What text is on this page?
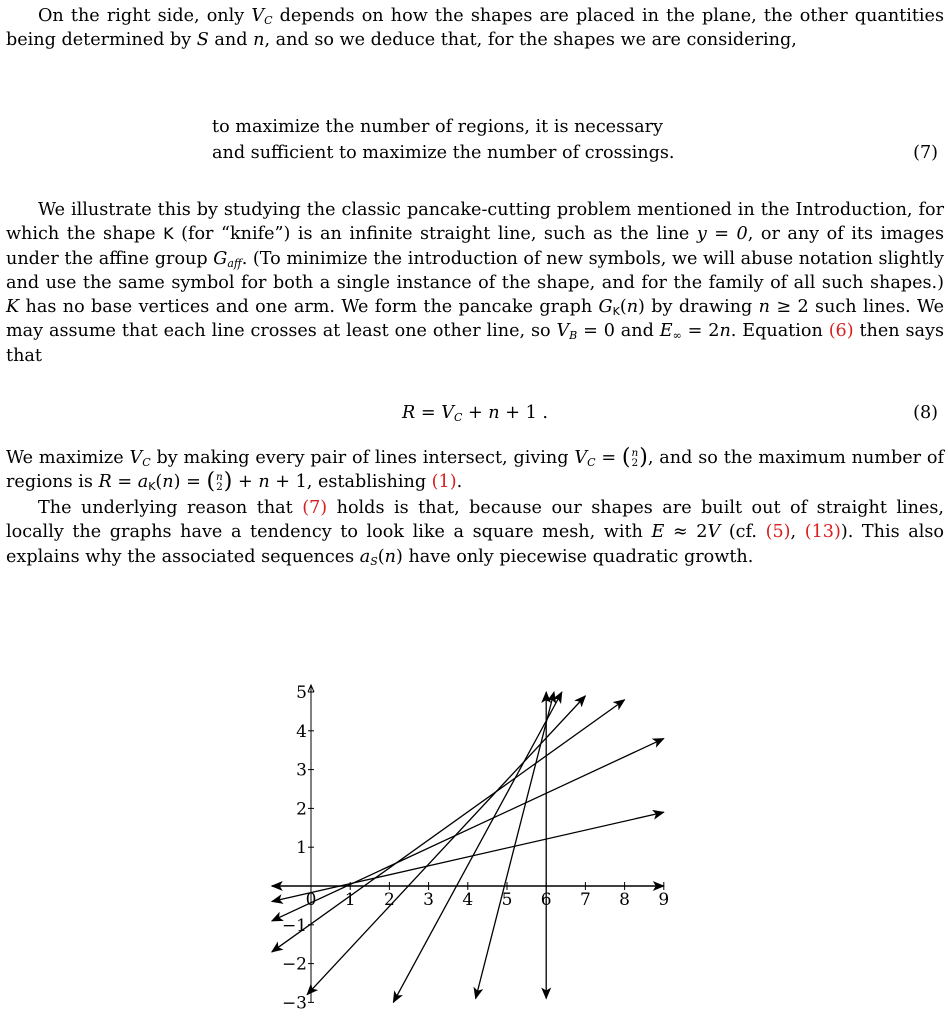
On the right side, only $V_C$ depends on how the shapes are placed in the plane, the other quantities being determined by S and n, and so we deduce that, for the shapes we are considering,

to maximize the number of regions, it is necessary
and sufficient to maximize the number of crossings.	(7)

We illustrate this by studying the classic pancake-cutting problem mentioned in the Introduction, for which the shape K (for “knife”) is an infinite straight line, such as the line y = 0, or any of its images under the affine group $G_{aff}$. (To minimize the introduction of new symbols, we will abuse notation slightly and use the same symbol for both a single instance of the shape, and for the family of all such shapes.) K has no base vertices and one arm. We form the pancake graph $G_K(n)$ by drawing n ≥ 2 such lines. We may assume that each line crosses at least one other line, so $V_B = 0$ and $E_\infty = 2n$. Equation (6) then says that

$R = V_C + n + 1$ .	(8)

We maximize $V_C$ by making every pair of lines intersect, giving $V_C$ = ( n
2 ) , and so the maximum number of regions is $R = a_K(n)$ = ( n
2 ) + n + 1, establishing (1).

The underlying reason that (7) holds is that, because our shapes are built out of straight lines, locally the graphs have a tendency to look like a square mesh, with E ≈ 2V (cf. (5), (13)). This also explains why the associated sequences $a_S(n)$ have only piecewise quadratic growth.

0 1 2 3 4 5 6 7 8 9
5
4
3
2
1
−1
−2
−3
